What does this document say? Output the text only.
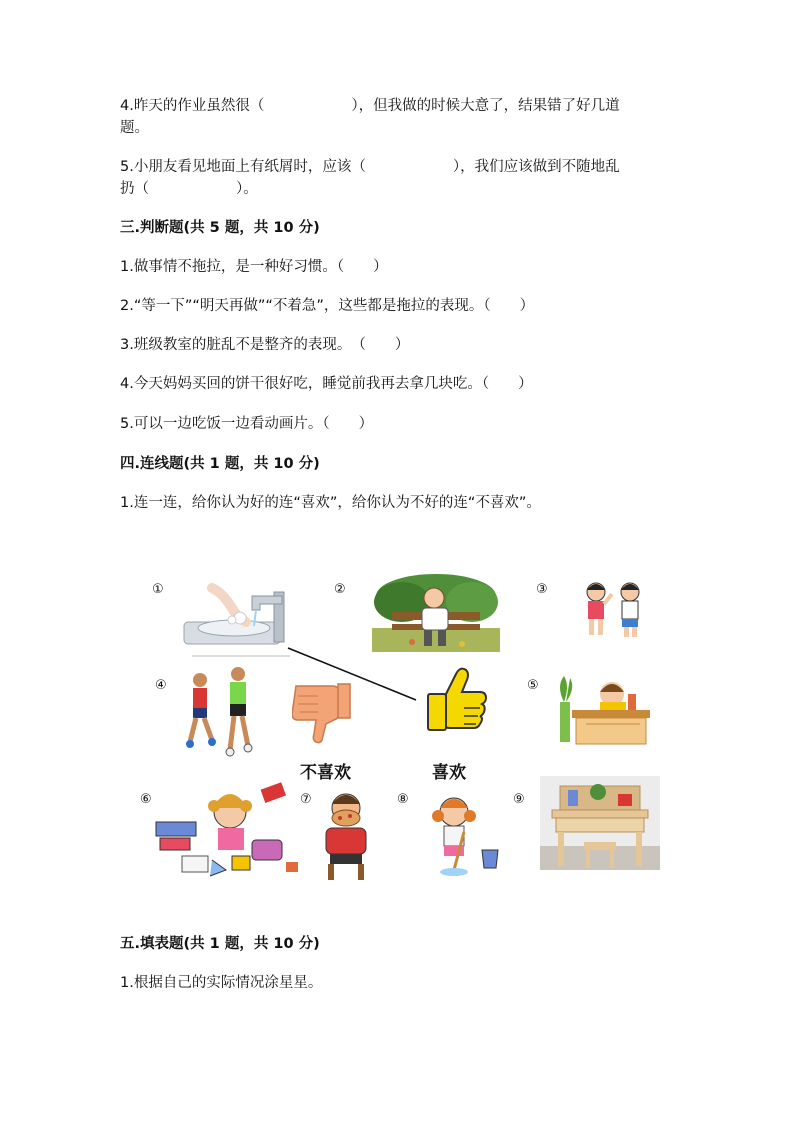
4.昨天的作业虽然很（　　　　　　），但我做的时候大意了，结果错了好几道
题。
5.小朋友看见地面上有纸屑时，应该（　　　　　　），我们应该做到不随地乱
扔（　　　　　　）。
三.判断题(共 5 题，共 10 分)
1.做事情不拖拉，是一种好习惯。（　　）
2.“等一下”“明天再做”“不着急”，这些都是拖拉的表现。（　　）
3.班级教室的脏乱不是整齐的表现。　（　　）
4.今天妈妈买回的饼干很好吃，睡觉前我再去拿几块吃。（　　）
5.可以一边吃饭一边看动画片。（　　）
四.连线题(共 1 题，共 10 分)
1.连一连，给你认为好的连“喜欢”，给你认为不好的连“不喜欢”。
①	②	③
④	⑤
⑥	⑦	⑧	⑨
不喜欢	喜欢
五.填表题(共 1 题，共 10 分)
1.根据自己的实际情况涂星星。
